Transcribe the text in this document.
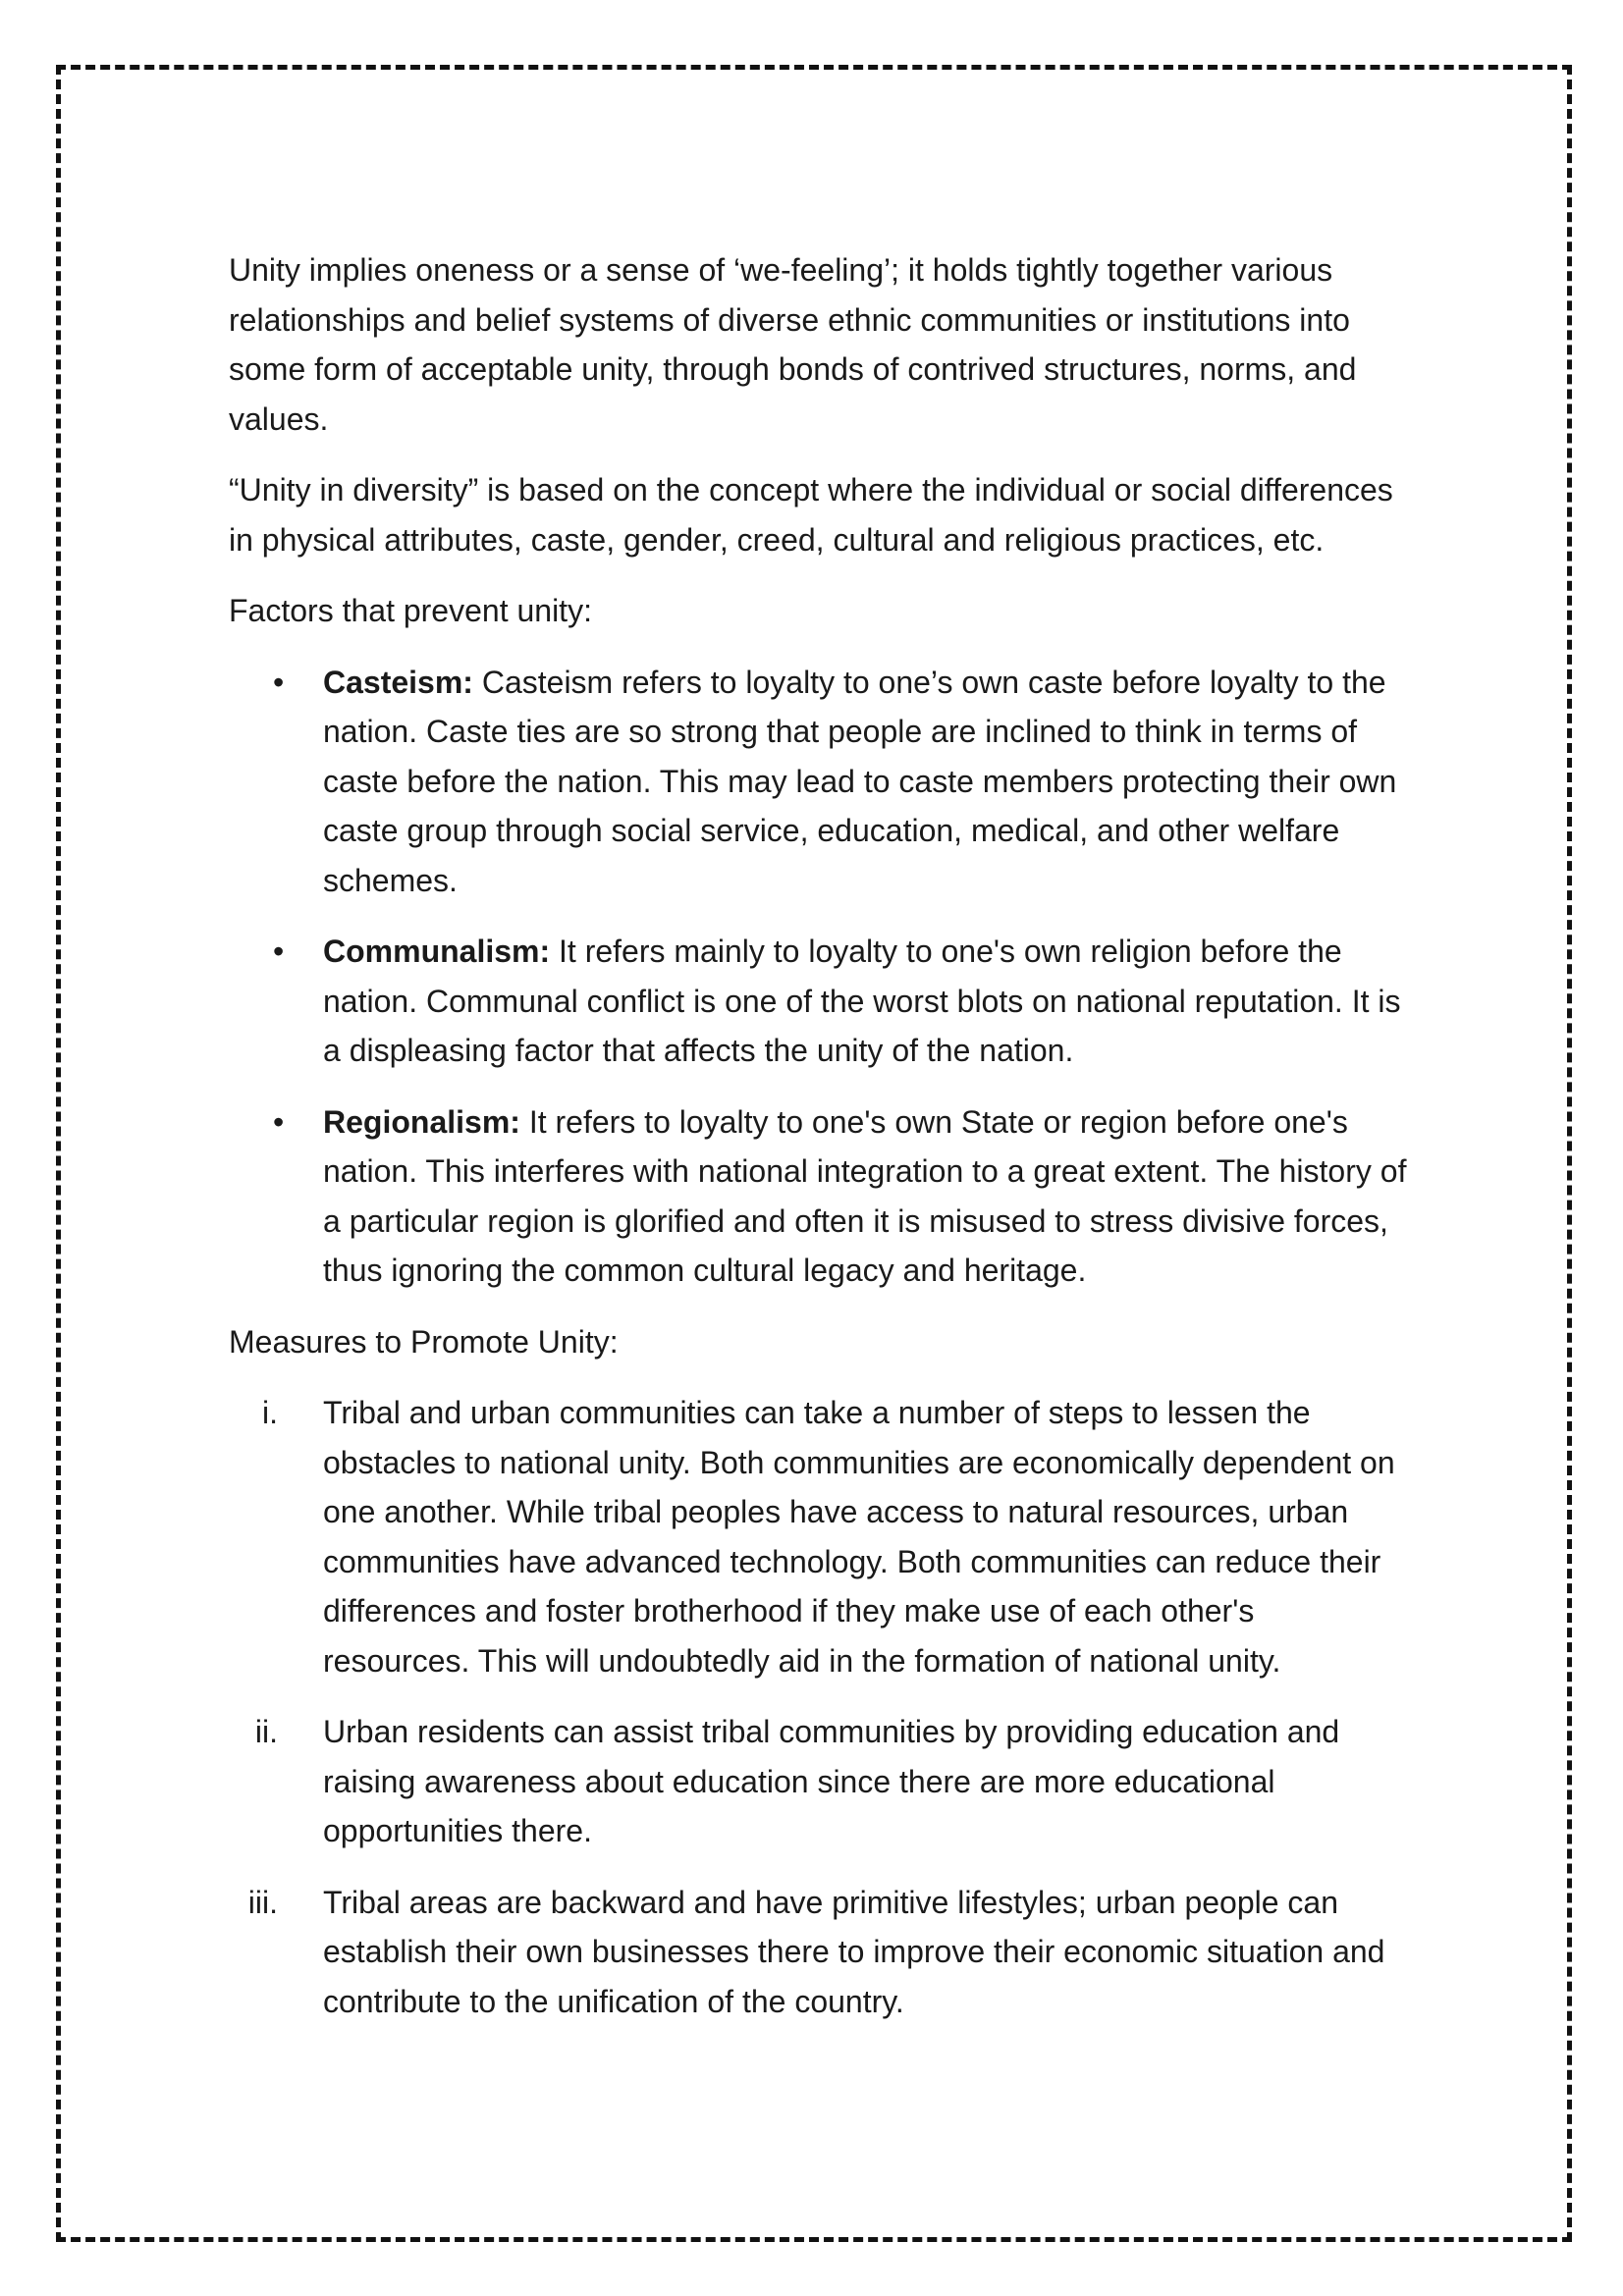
Unity implies oneness or a sense of ‘we-feeling’; it holds tightly together various relationships and belief systems of diverse ethnic communities or institutions into some form of acceptable unity, through bonds of contrived structures, norms, and values.

“Unity in diversity” is based on the concept where the individual or social differences in physical attributes, caste, gender, creed, cultural and religious practices, etc.

Factors that prevent unity:
• Casteism: Casteism refers to loyalty to one’s own caste before loyalty to the nation. Caste ties are so strong that people are inclined to think in terms of caste before the nation. This may lead to caste members protecting their own caste group through social service, education, medical, and other welfare schemes.
• Communalism: It refers mainly to loyalty to one's own religion before the nation. Communal conflict is one of the worst blots on national reputation. It is a displeasing factor that affects the unity of the nation.
• Regionalism: It refers to loyalty to one's own State or region before one's nation. This interferes with national integration to a great extent. The history of a particular region is glorified and often it is misused to stress divisive forces, thus ignoring the common cultural legacy and heritage.
Measures to Promote Unity:
i. Tribal and urban communities can take a number of steps to lessen the obstacles to national unity. Both communities are economically dependent on one another. While tribal peoples have access to natural resources, urban communities have advanced technology. Both communities can reduce their differences and foster brotherhood if they make use of each other's resources. This will undoubtedly aid in the formation of national unity.
ii. Urban residents can assist tribal communities by providing education and raising awareness about education since there are more educational opportunities there.
iii. Tribal areas are backward and have primitive lifestyles; urban people can establish their own businesses there to improve their economic situation and contribute to the unification of the country.
